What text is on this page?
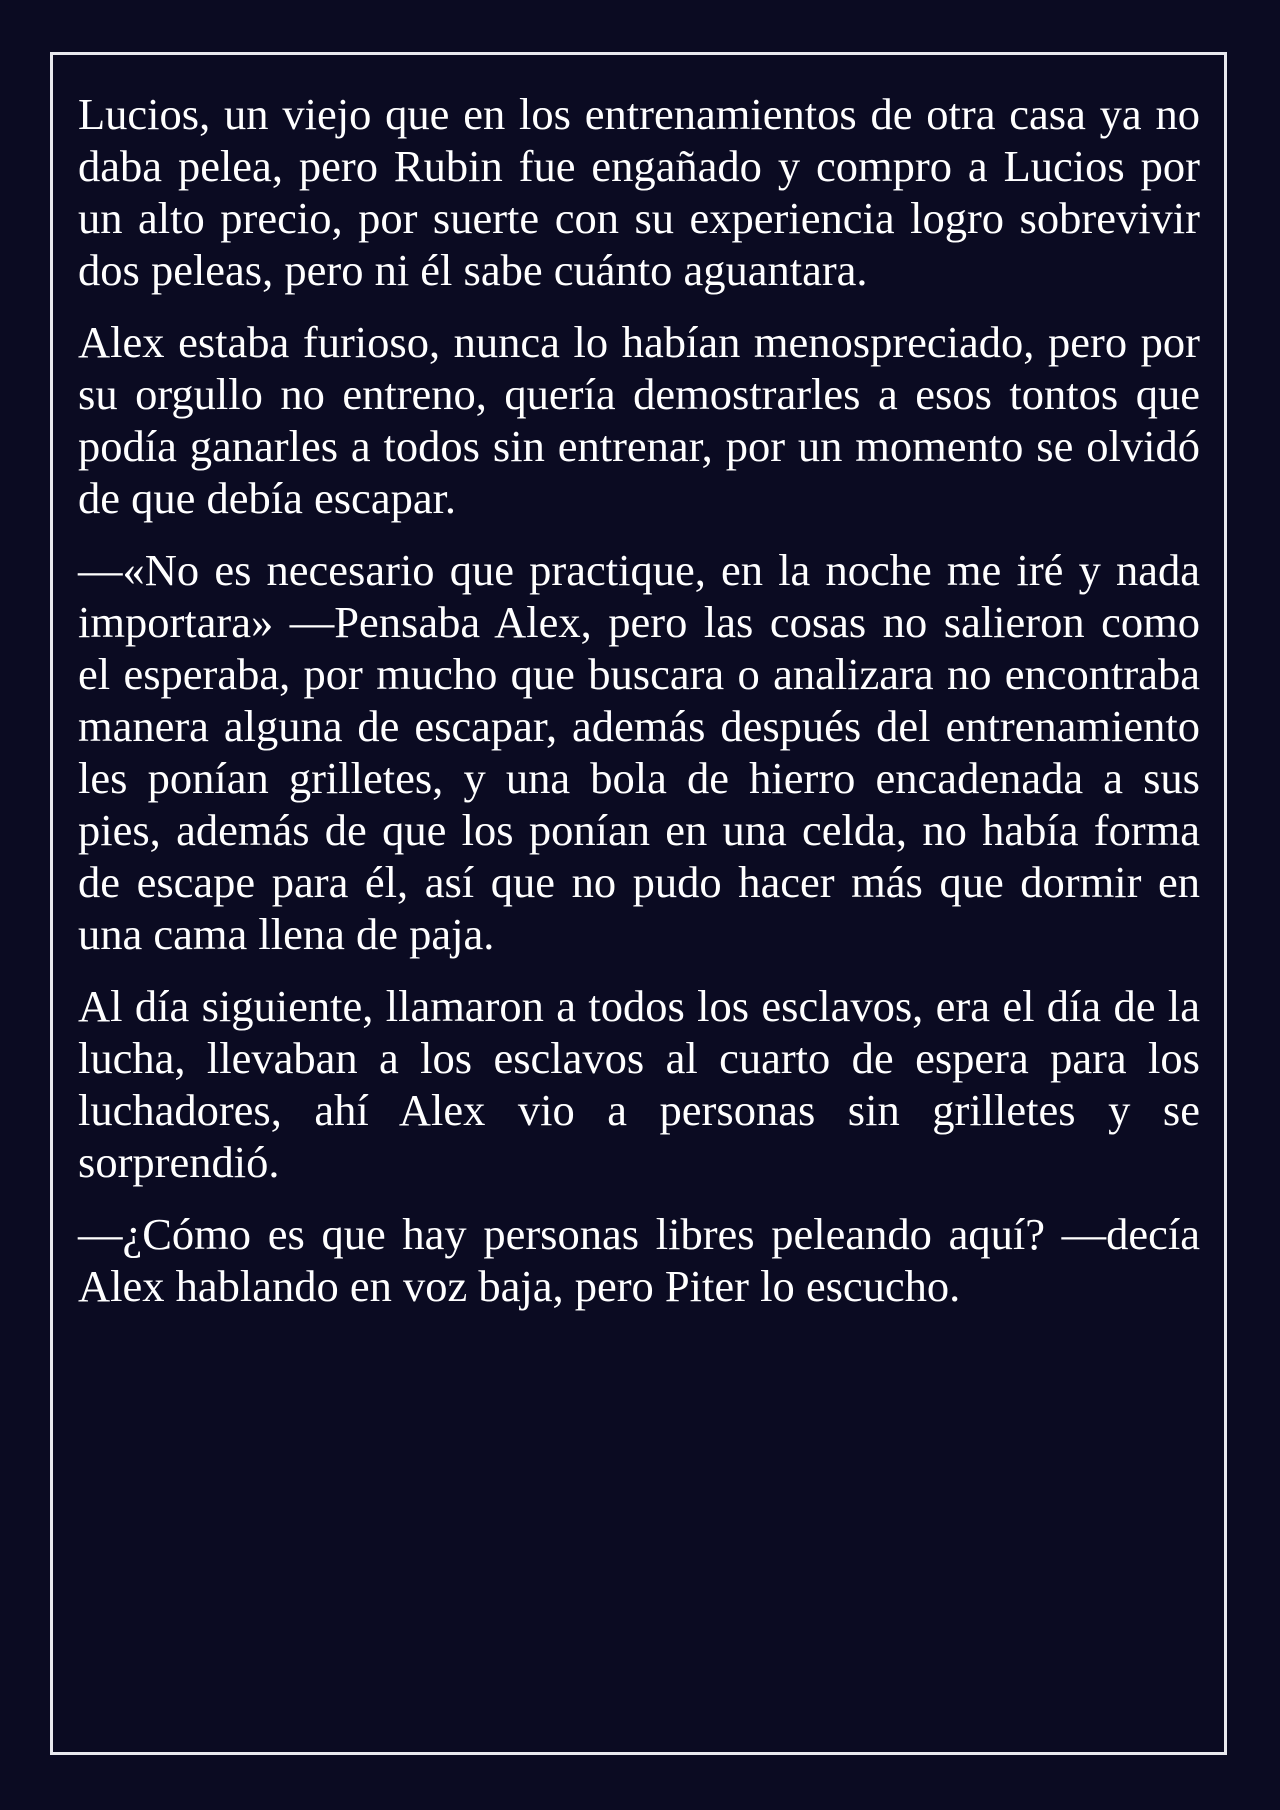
Lucios, un viejo que en los entrenamientos de otra casa ya no daba pelea, pero Rubin fue engañado y compro a Lucios por un alto precio, por suerte con su experiencia logro sobrevivir dos peleas, pero ni él sabe cuánto aguantara.

Alex estaba furioso, nunca lo habían menospreciado, pero por su orgullo no entreno, quería demostrarles a esos tontos que podía ganarles a todos sin entrenar, por un momento se olvidó de que debía escapar.

—«No es necesario que practique, en la noche me iré y nada importara» —Pensaba Alex, pero las cosas no salieron como el esperaba, por mucho que buscara o analizara no encontraba manera alguna de escapar, además después del entrenamiento les ponían grilletes, y una bola de hierro encadenada a sus pies, además de que los ponían en una celda, no había forma de escape para él, así que no pudo hacer más que dormir en una cama llena de paja.

Al día siguiente, llamaron a todos los esclavos, era el día de la lucha, llevaban a los esclavos al cuarto de espera para los luchadores, ahí Alex vio a personas sin grilletes y se sorprendió.

—¿Cómo es que hay personas libres peleando aquí? —decía Alex hablando en voz baja, pero Piter lo escucho.
